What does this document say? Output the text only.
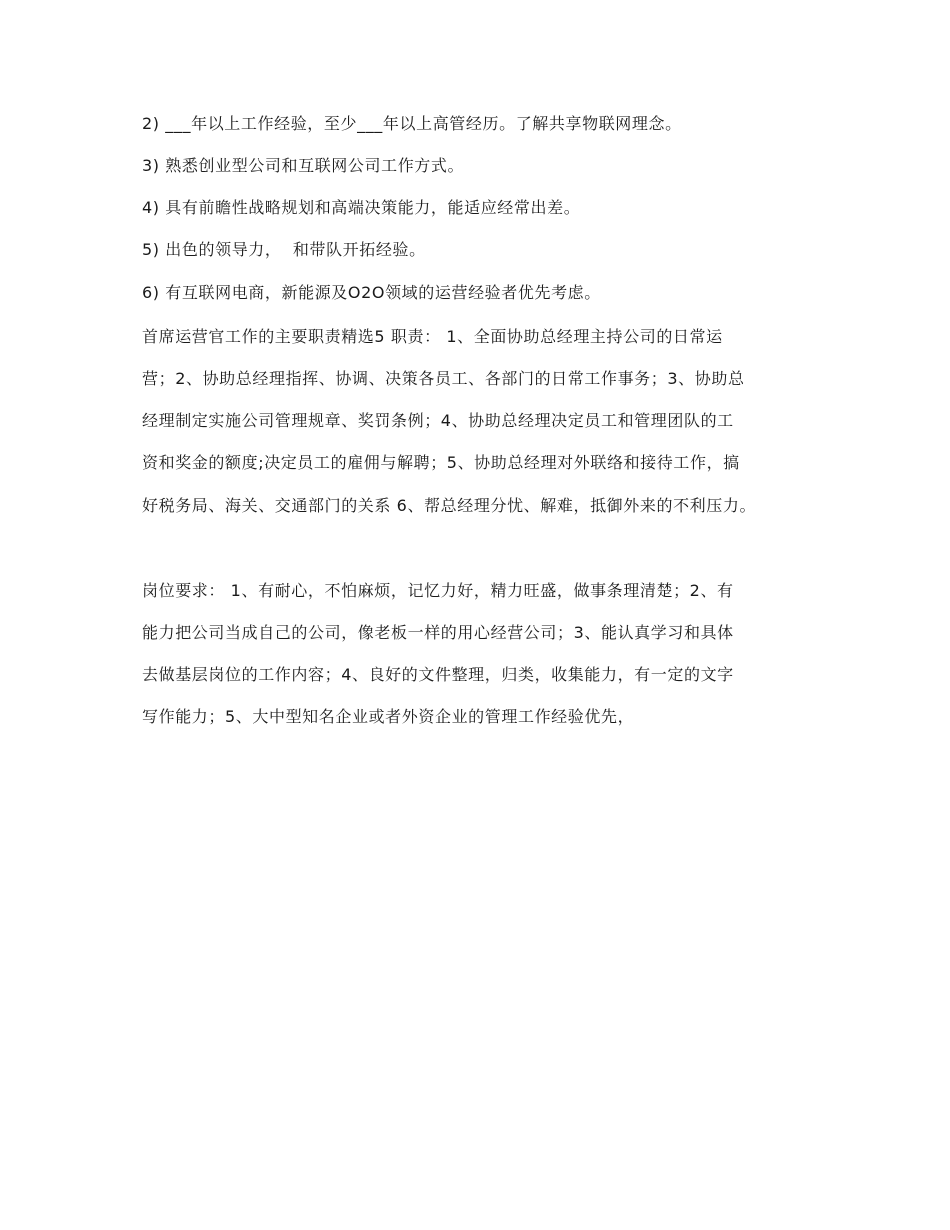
2) ___年以上工作经验，至少___年以上高管经历。了解共享物联网理念。
3) 熟悉创业型公司和互联网公司工作方式。
4) 具有前瞻性战略规划和高端决策能力，能适应经常出差。
5) 出色的领导力，  和带队开拓经验。
6) 有互联网电商，新能源及O2O领域的运营经验者优先考虑。
首席运营官工作的主要职责精选5 职责： 1、全面协助总经理主持公司的日常运
营；2、协助总经理指挥、协调、决策各员工、各部门的日常工作事务；3、协助总
经理制定实施公司管理规章、奖罚条例；4、协助总经理决定员工和管理团队的工
资和奖金的额度;决定员工的雇佣与解聘；5、协助总经理对外联络和接待工作，搞
好税务局、海关、交通部门的关系 6、帮总经理分忧、解难，抵御外来的不利压力。
岗位要求： 1、有耐心，不怕麻烦，记忆力好，精力旺盛，做事条理清楚；2、有
能力把公司当成自己的公司，像老板一样的用心经营公司；3、能认真学习和具体
去做基层岗位的工作内容；4、良好的文件整理，归类，收集能力，有一定的文字
写作能力；5、大中型知名企业或者外资企业的管理工作经验优先，
